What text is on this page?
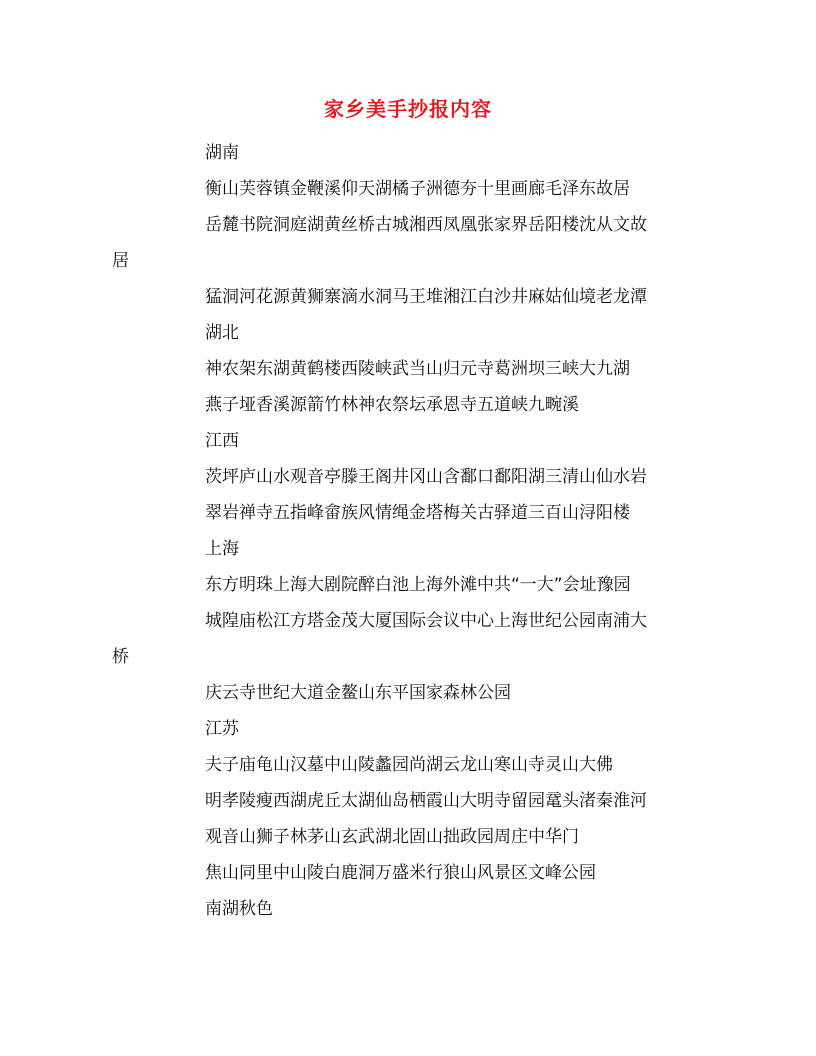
家乡美手抄报内容

湖南

衡山芙蓉镇金鞭溪仰天湖橘子洲德夯十里画廊毛泽东故居

岳麓书院洞庭湖黄丝桥古城湘西凤凰张家界岳阳楼沈从文故

居

猛洞河花源黄狮寨滴水洞马王堆湘江白沙井麻姑仙境老龙潭

湖北

神农架东湖黄鹤楼西陵峡武当山归元寺葛洲坝三峡大九湖

燕子垭香溪源箭竹林神农祭坛承恩寺五道峡九畹溪

江西

茨坪庐山水观音亭滕王阁井冈山含鄱口鄱阳湖三清山仙水岩

翠岩禅寺五指峰畲族风情绳金塔梅关古驿道三百山浔阳楼

上海

东方明珠上海大剧院醉白池上海外滩中共“一大”会址豫园

城隍庙松江方塔金茂大厦国际会议中心上海世纪公园南浦大

桥

庆云寺世纪大道金鳌山东平国家森林公园

江苏

夫子庙龟山汉墓中山陵蠡园尚湖云龙山寒山寺灵山大佛

明孝陵瘦西湖虎丘太湖仙岛栖霞山大明寺留园鼋头渚秦淮河

观音山狮子林茅山玄武湖北固山拙政园周庄中华门

焦山同里中山陵白鹿洞万盛米行狼山风景区文峰公园

南湖秋色
